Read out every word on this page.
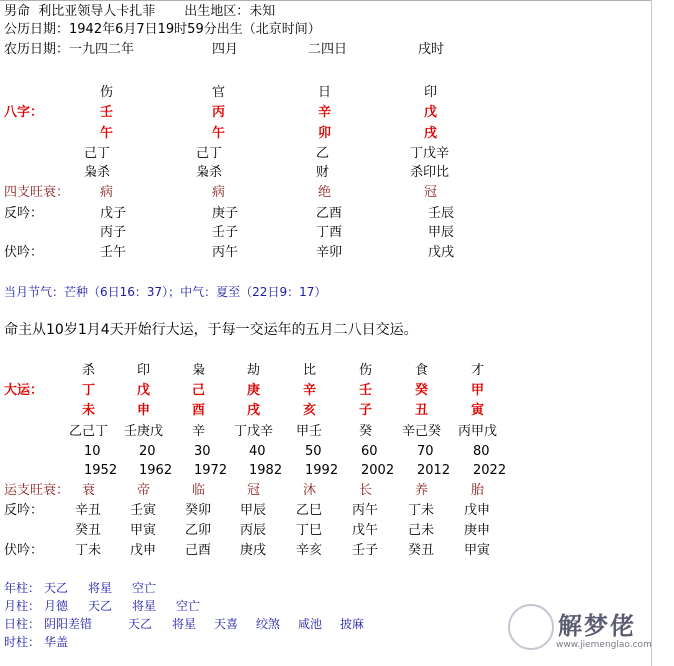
男命  利比亚领导人卡扎菲       出生地区：未知
公历日期：1942年6月7日19时59分出生（北京时间）
农历日期：一九四二年	四月	二四日	戌时
八字：
伤	官	日	印
壬	丙	辛	戊
午	午	卯	戌
己丁	己丁	乙	丁戊辛
枭杀	枭杀	财	杀印比
四支旺衰： 病	病	绝	冠
反吟：	戊子	庚子	乙酉	壬辰
丙子	壬子	丁酉	甲辰
伏吟：	壬午	丙午	辛卯	戊戌
当月节气：芒种（6日16：37）；中气：夏至（22日9：17）
命主从10岁1月4天开始行大运，于每一交运年的五月二八日交运。
杀	印	枭	劫	比	伤	食	才
大运：	丁	戊	己	庚	辛	壬	癸	甲
未	申	酉	戌	亥	子	丑	寅
乙己丁 壬庚戊 辛 丁戊辛 甲壬	癸 辛己癸 丙甲戊
10	20	30	40	50	60	70	80
1952 1962 1972 1982 1992 2002 2012 2022
运支旺衰： 衰	帝	临	冠	沐	长	养	胎
反吟： 辛丑 壬寅 癸卯 甲辰 乙巳 丙午 丁未 戊申
癸丑 甲寅 乙卯 丙辰 丁巳 戊午 己未 庚申
伏吟： 丁未 戊申 己酉 庚戌 辛亥 壬子 癸丑 甲寅
年柱： 天乙 将星 空亡
月柱： 月德 天乙 将星 空亡
日柱： 阴阳差错	天乙 将星 天喜 绞煞 咸池 披麻
时柱： 华盖
解梦佬
www.jiemenglao.com
